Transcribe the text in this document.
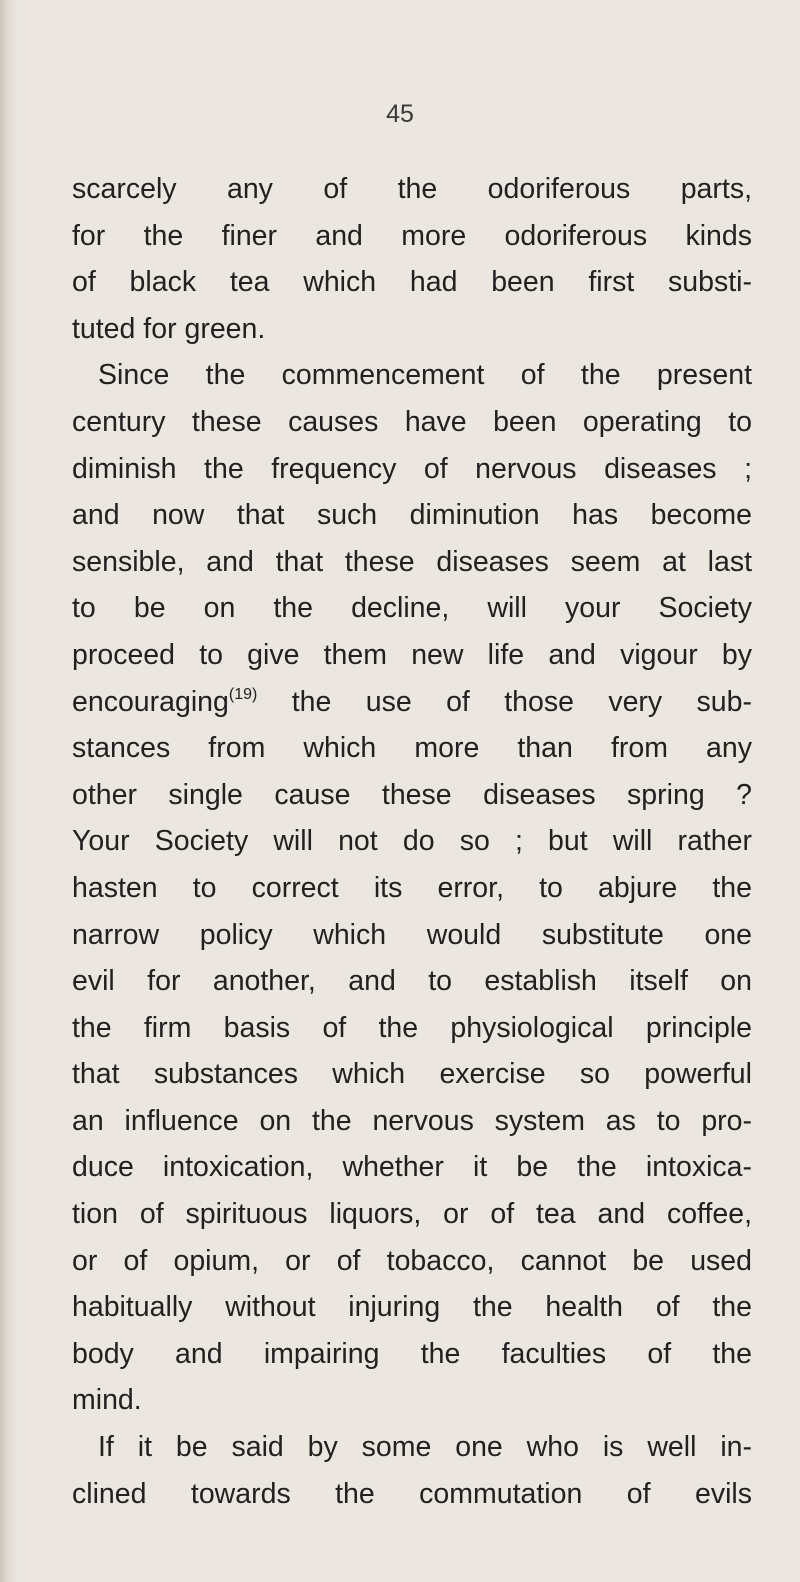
45
scarcely any of the odoriferous parts,
for the finer and more odoriferous kinds
of black tea which had been first substi-
tuted for green.
Since the commencement of the present
century these causes have been operating to
diminish the frequency of nervous diseases ;
and now that such diminution has become
sensible, and that these diseases seem at last
to be on the decline, will your Society
proceed to give them new life and vigour by
encouraging$^{(19)}$ the use of those very sub-
stances from which more than from any
other single cause these diseases spring ?
Your Society will not do so ; but will rather
hasten to correct its error, to abjure the
narrow policy which would substitute one
evil for another, and to establish itself on
the firm basis of the physiological principle
that substances which exercise so powerful
an influence on the nervous system as to pro-
duce intoxication, whether it be the intoxica-
tion of spirituous liquors, or of tea and coffee,
or of opium, or of tobacco, cannot be used
habitually without injuring the health of the
body and impairing the faculties of the
mind.
If it be said by some one who is well in-
clined towards the commutation of evils
